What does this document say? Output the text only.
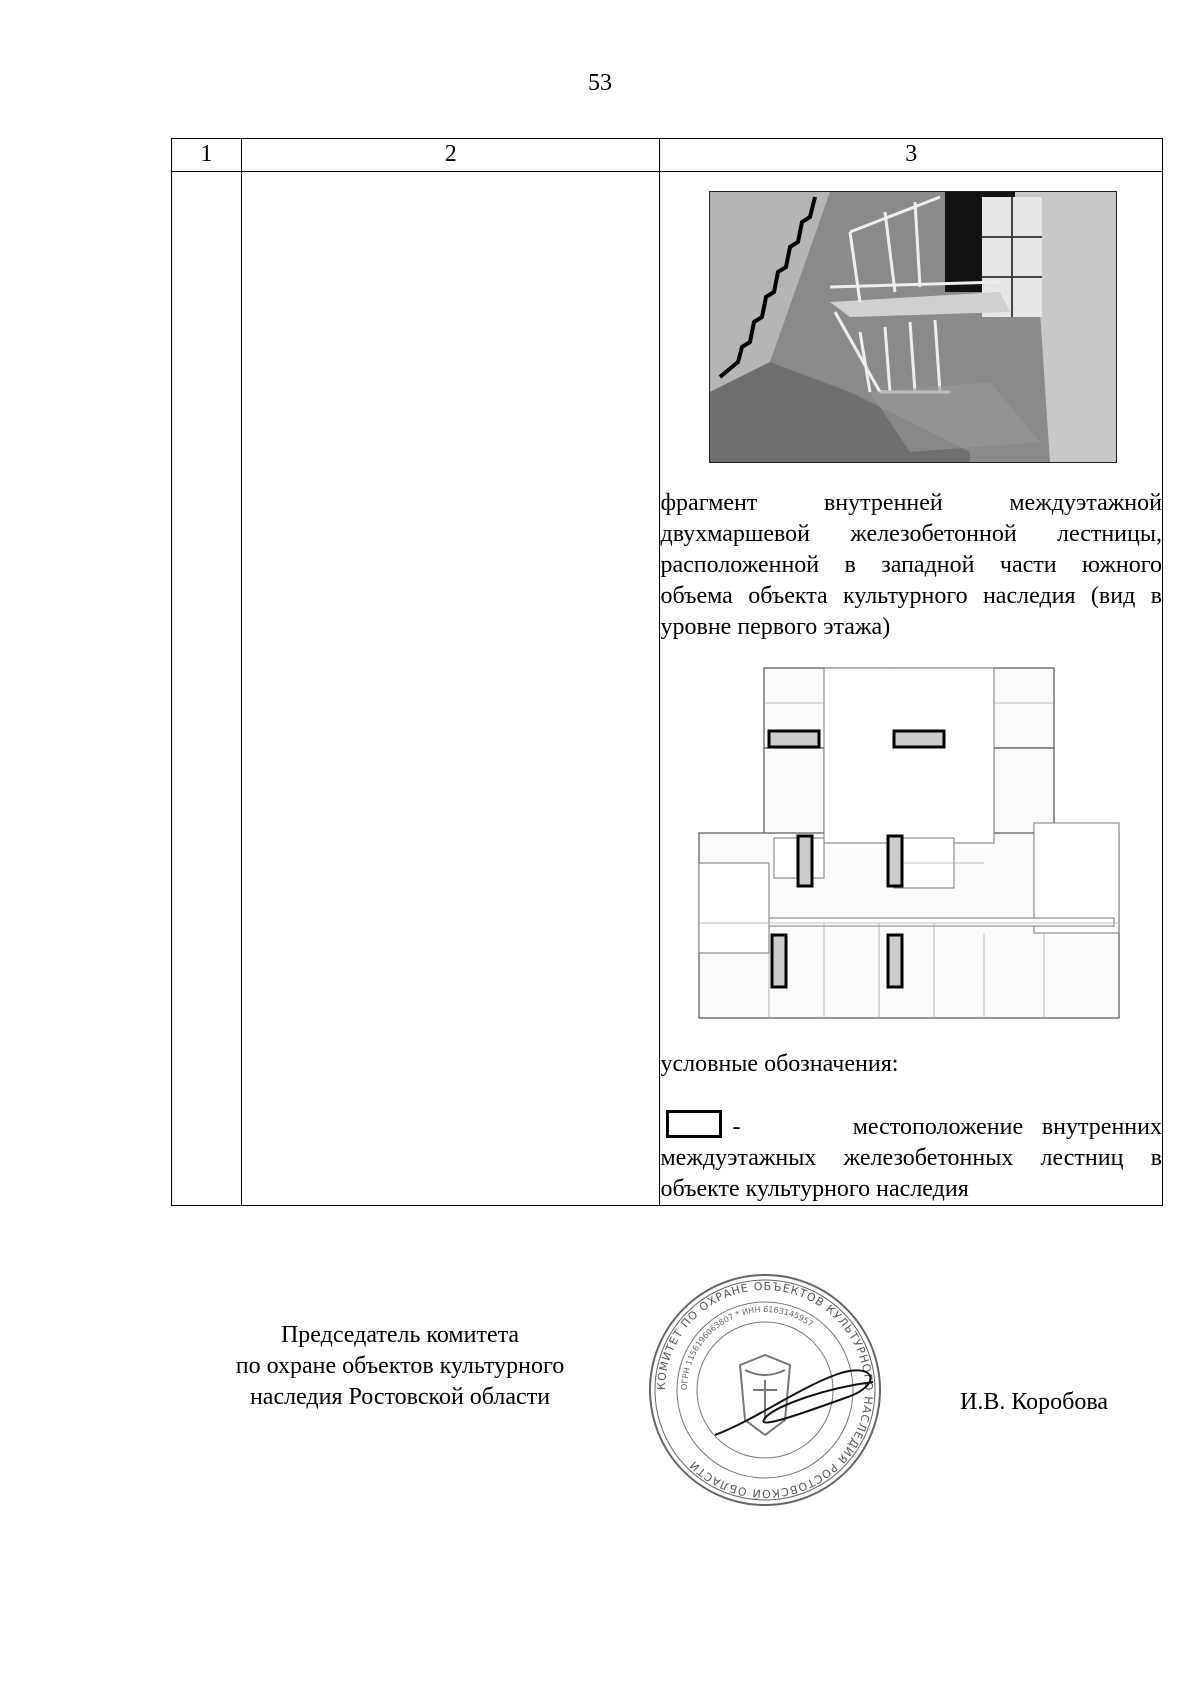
53
1	2	3

		фрагмент внутренней междуэтажной двухмаршевой железобетонной лестницы, расположенной в западной части южного объема объекта культурного наследия (вид в уровне первого этажа)
условные обозначения:
- местоположение внутренних междуэтажных железобетонных лестниц в объекте культурного наследия
Председатель комитета
по охране объектов культурного
наследия Ростовской области	КОМИТЕТ ПО ОХРАНЕ ОБЪЕКТОВ КУЛЬТУРНОГО НАСЛЕДИЯ РОСТОВСКОЙ ОБЛАСТИ
ОГРН 1156196063807 * ИНН 6163145957
И.В. Коробова
